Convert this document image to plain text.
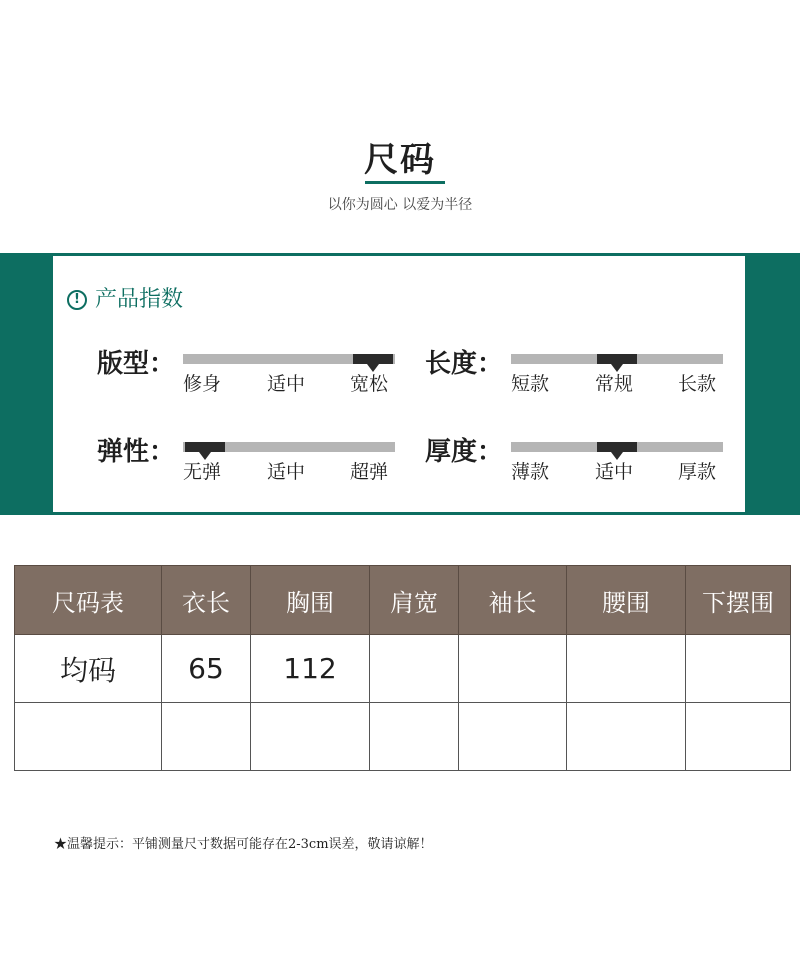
尺码
以你为圆心 以爱为半径
! 产品指数
版型：
修身 适中 宽松
长度：
短款 常规 长款
弹性：
无弹 适中 超弹
厚度：
薄款 适中 厚款
尺码表	衣长	胸围	肩宽	袖长	腰围	下摆围
均码	65	112				

★温馨提示：平铺测量尺寸数据可能存在2-3cm误差，敬请谅解！
